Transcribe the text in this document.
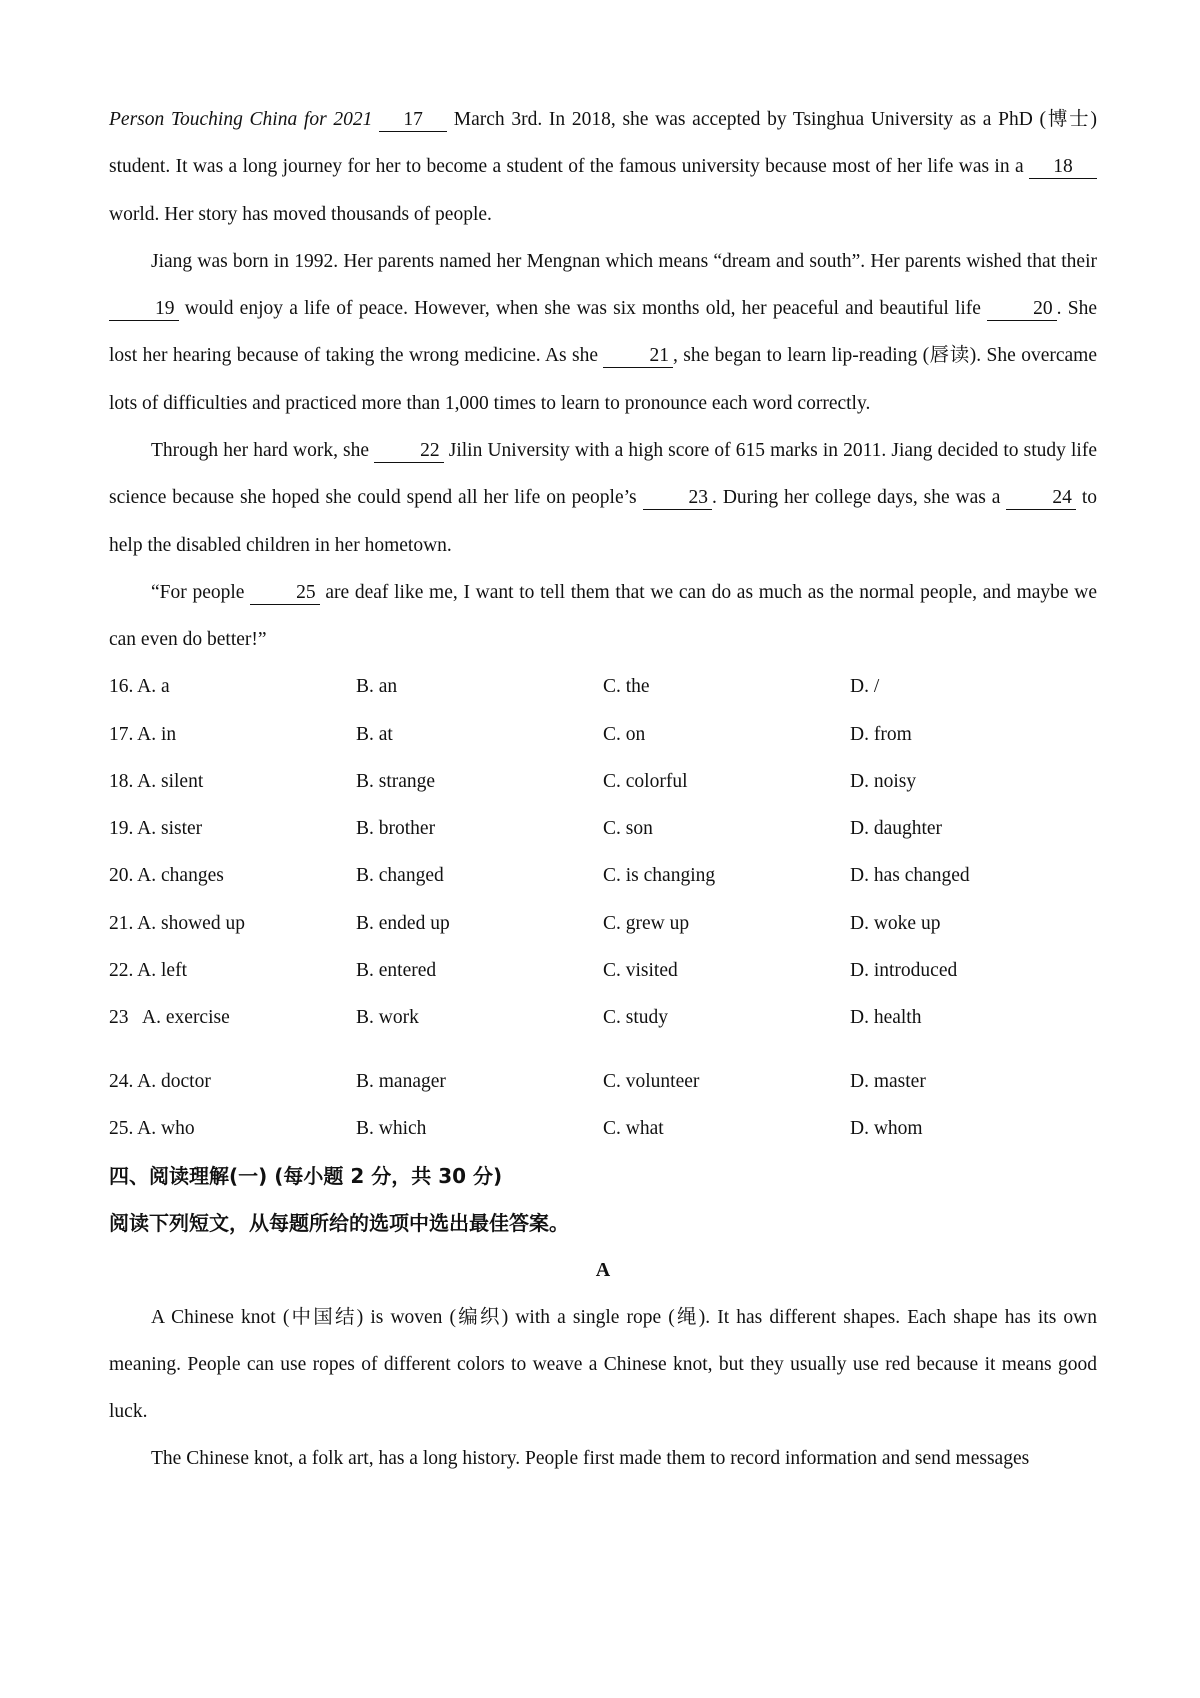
Person Touching China for 2021 17 March 3rd. In 2018, she was accepted by Tsinghua University as a PhD (博士) student. It was a long journey for her to become a student of the famous university because most of her life was in a 18 world. Her story has moved thousands of people.

Jiang was born in 1992. Her parents named her Mengnan which means “dream and south”. Her parents wished that their 19 would enjoy a life of peace. However, when she was six months old, her peaceful and beautiful life 20 . She lost her hearing because of taking the wrong medicine. As she 21 , she began to learn lip-reading (唇读). She overcame lots of difficulties and practiced more than 1,000 times to learn to pronounce each word correctly.

Through her hard work, she 22 Jilin University with a high score of 615 marks in 2011. Jiang decided to study life science because she hoped she could spend all her life on people’s 23 . During her college days, she was a 24 to help the disabled children in her hometown.

“For people 25 are deaf like me, I want to tell them that we can do as much as the normal people, and maybe we can even do better!”

16. A. a	B. an	C. the	D. /
17. A. in	B. at	C. on	D. from
18. A. silent	B. strange	C. colorful	D. noisy
19. A. sister	B. brother	C. son	D. daughter
20. A. changes	B. changed	C. is changing	D. has changed
21. A. showed up	B. ended up	C. grew up	D. woke up
22. A. left	B. entered	C. visited	D. introduced
23   A. exercise	B. work	C. study	D. health

24. A. doctor	B. manager	C. volunteer	D. master
25. A. who	B. which	C. what	D. whom

四、阅读理解(一) (每小题 2 分，共 30 分)

阅读下列短文，从每题所给的选项中选出最佳答案。

A

A Chinese knot (中国结) is woven (编织) with a single rope (绳). It has different shapes. Each shape has its own meaning. People can use ropes of different colors to weave a Chinese knot, but they usually use red because it means good luck.

The Chinese knot, a folk art, has a long history. People first made them to record information and send messages
